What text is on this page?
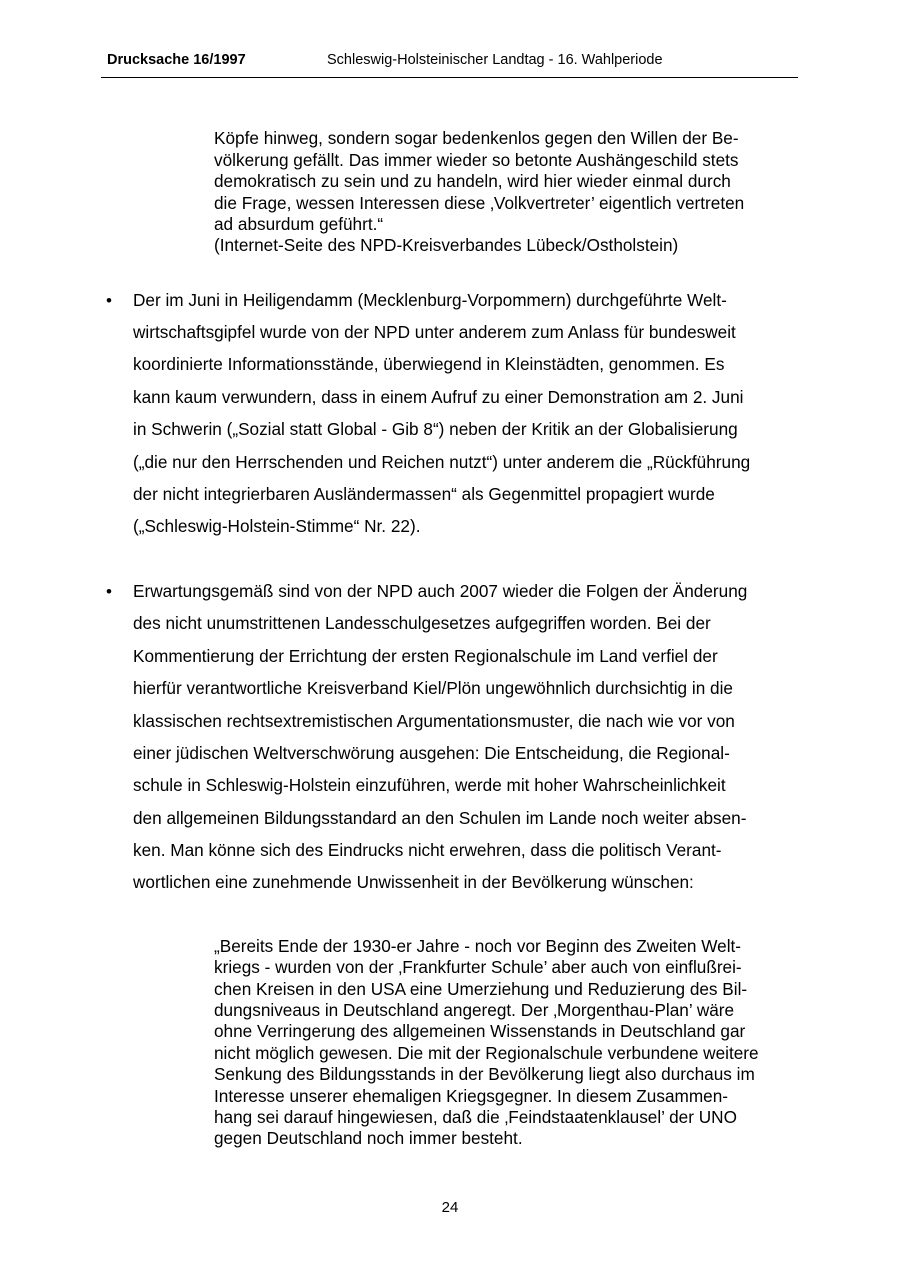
Drucksache 16/1997	Schleswig-Holsteinischer Landtag - 16. Wahlperiode
Köpfe hinweg, sondern sogar bedenkenlos gegen den Willen der Be-
völkerung gefällt. Das immer wieder so betonte Aushängeschild stets
demokratisch zu sein und zu handeln, wird hier wieder einmal durch
die Frage, wessen Interessen diese ‚Volkvertreter’ eigentlich vertreten
ad absurdum geführt.“
(Internet-Seite des NPD-Kreisverbandes Lübeck/Ostholstein)
• Der im Juni in Heiligendamm (Mecklenburg-Vorpommern) durchgeführte Welt-
wirtschaftsgipfel wurde von der NPD unter anderem zum Anlass für bundesweit
koordinierte Informationsstände, überwiegend in Kleinstädten, genommen. Es
kann kaum verwundern, dass in einem Aufruf zu einer Demonstration am 2. Juni
in Schwerin („Sozial statt Global - Gib 8“) neben der Kritik an der Globalisierung
(„die nur den Herrschenden und Reichen nutzt“) unter anderem die „Rückführung
der nicht integrierbaren Ausländermassen“ als Gegenmittel propagiert wurde
(„Schleswig-Holstein-Stimme“ Nr. 22).
• Erwartungsgemäß sind von der NPD auch 2007 wieder die Folgen der Änderung
des nicht unumstrittenen Landesschulgesetzes aufgegriffen worden. Bei der
Kommentierung der Errichtung der ersten Regionalschule im Land verfiel der
hierfür verantwortliche Kreisverband Kiel/Plön ungewöhnlich durchsichtig in die
klassischen rechtsextremistischen Argumentationsmuster, die nach wie vor von
einer jüdischen Weltverschwörung ausgehen: Die Entscheidung, die Regional-
schule in Schleswig-Holstein einzuführen, werde mit hoher Wahrscheinlichkeit
den allgemeinen Bildungsstandard an den Schulen im Lande noch weiter absen-
ken. Man könne sich des Eindrucks nicht erwehren, dass die politisch Verant-
wortlichen eine zunehmende Unwissenheit in der Bevölkerung wünschen:
„Bereits Ende der 1930-er Jahre - noch vor Beginn des Zweiten Welt-
kriegs - wurden von der ‚Frankfurter Schule’ aber auch von einflußrei-
chen Kreisen in den USA eine Umerziehung und Reduzierung des Bil-
dungsniveaus in Deutschland angeregt. Der ‚Morgenthau-Plan’ wäre
ohne Verringerung des allgemeinen Wissenstands in Deutschland gar
nicht möglich gewesen. Die mit der Regionalschule verbundene weitere
Senkung des Bildungsstands in der Bevölkerung liegt also durchaus im
Interesse unserer ehemaligen Kriegsgegner. In diesem Zusammen-
hang sei darauf hingewiesen, daß die ‚Feindstaatenklausel’ der UNO
gegen Deutschland noch immer besteht.
24
